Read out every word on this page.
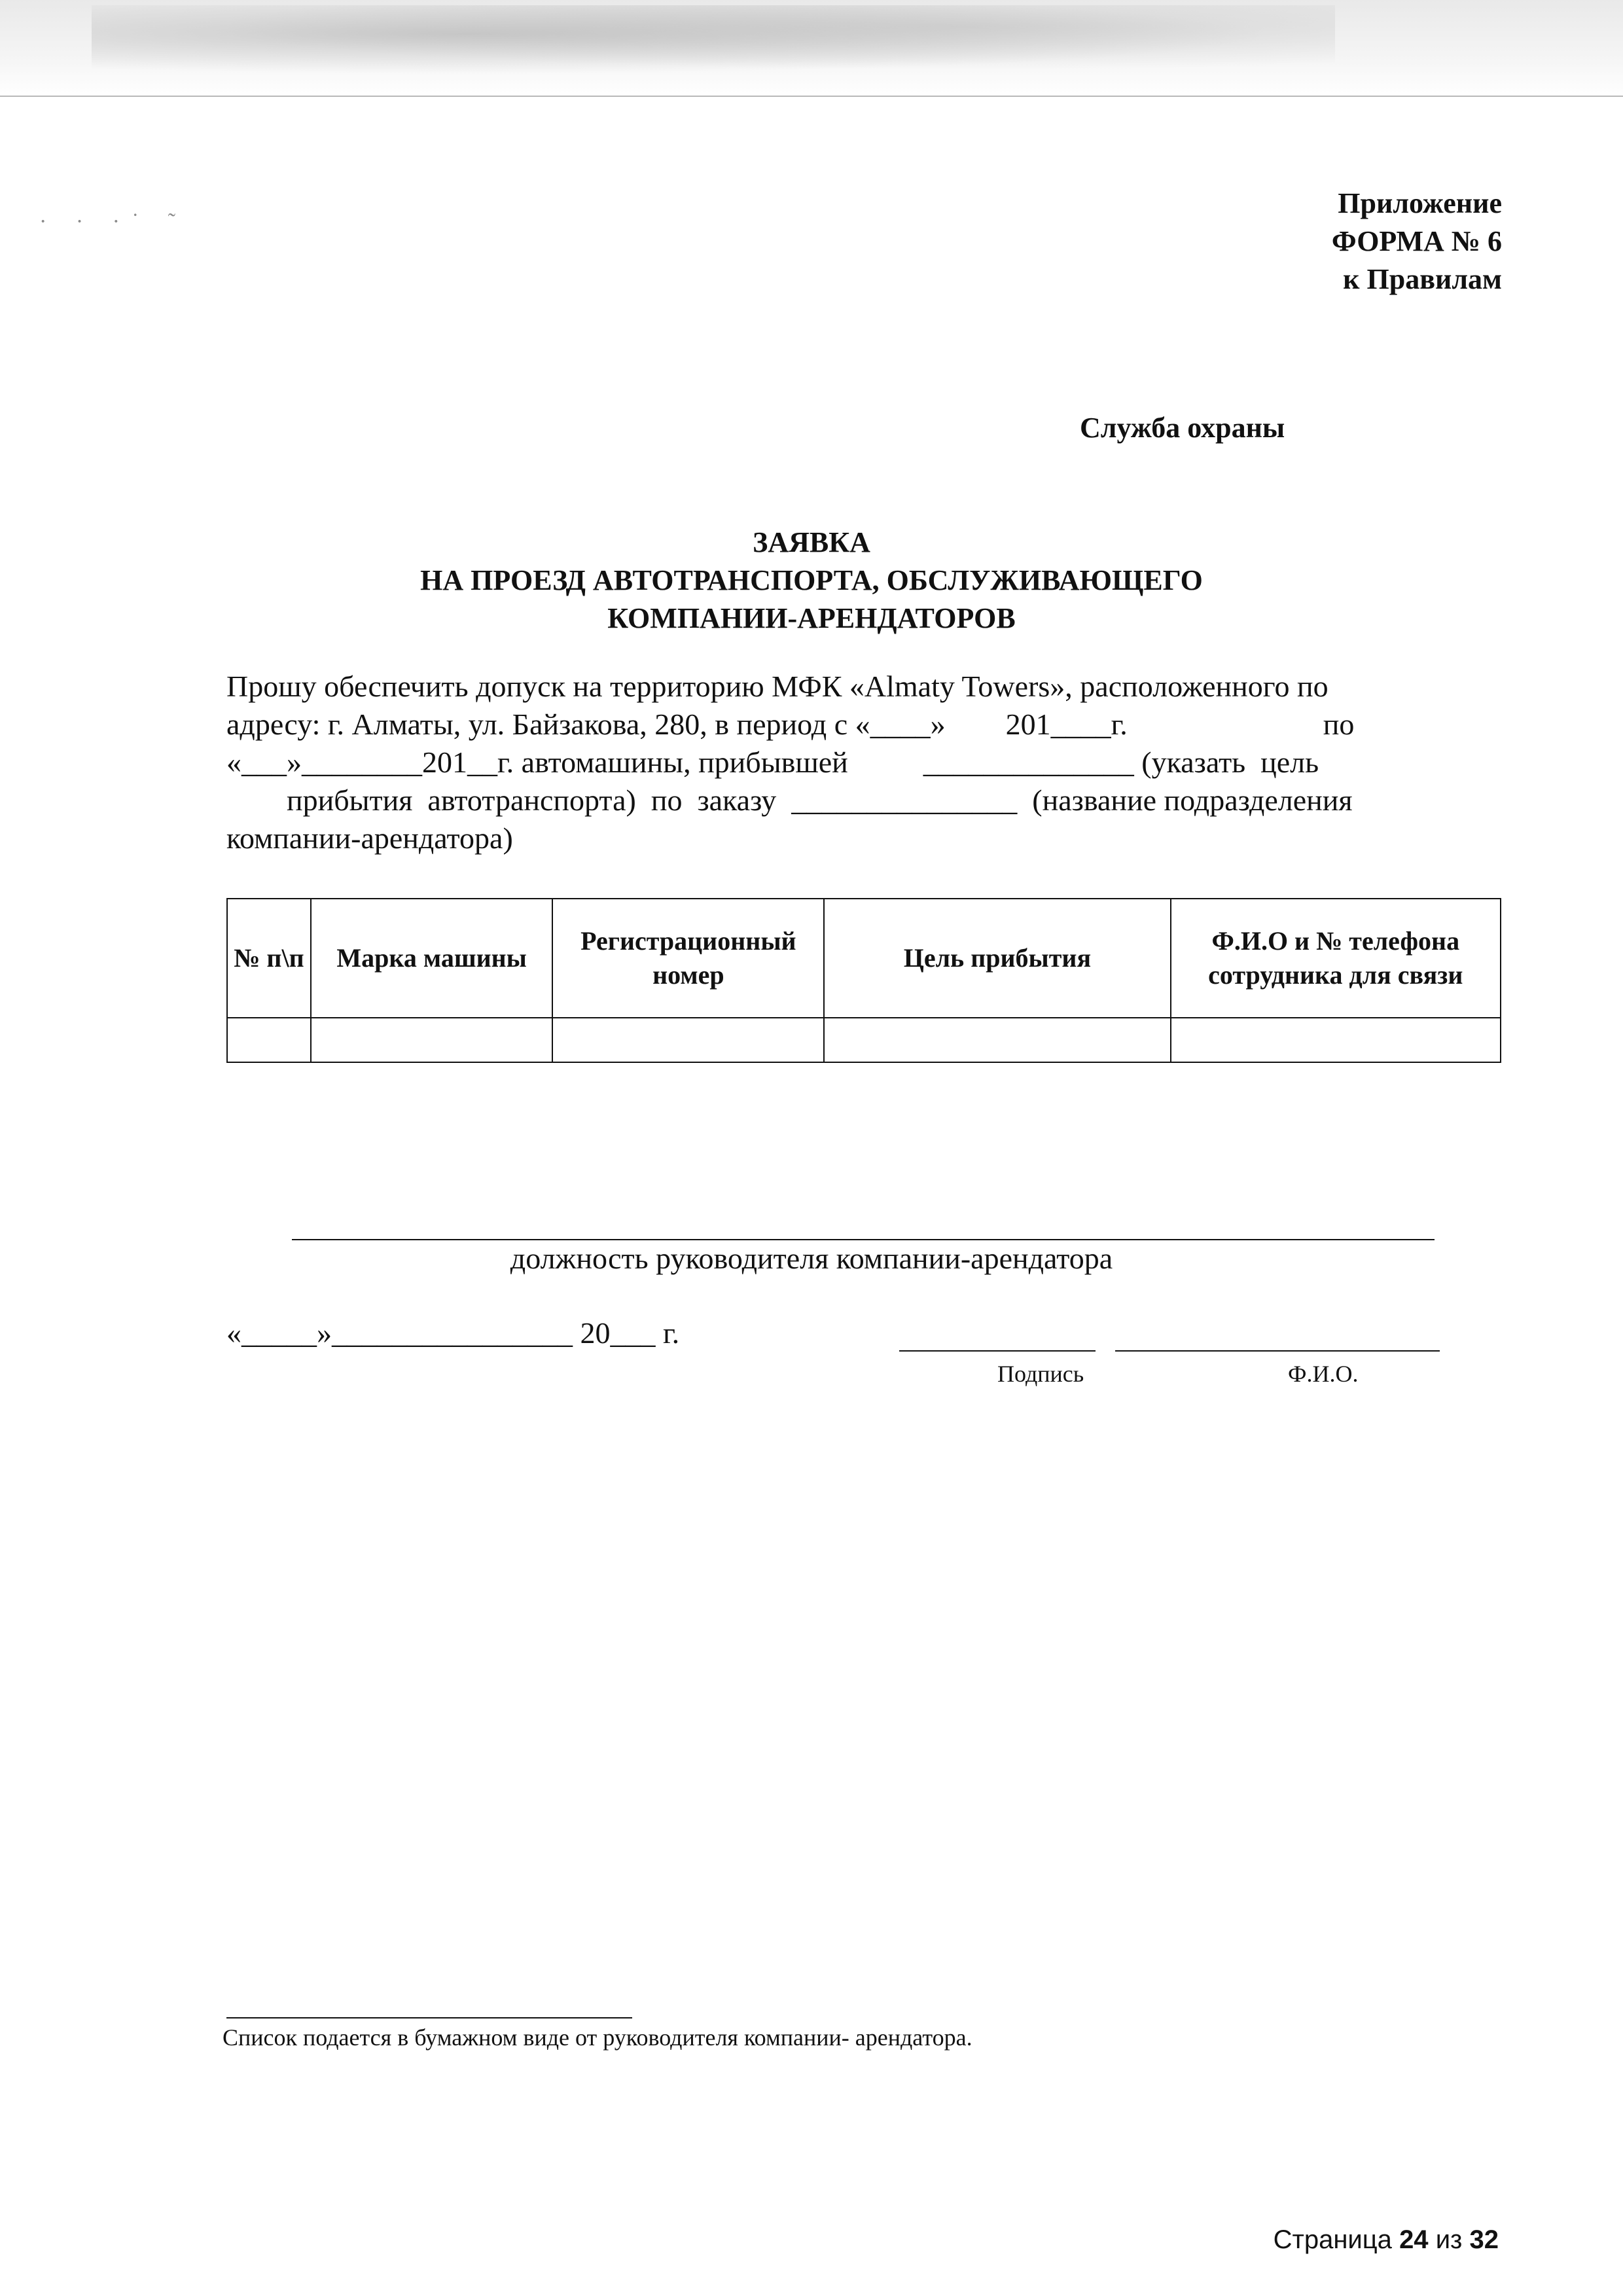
· · ·˙ ˜
Приложение
ФОРМА № 6
к Правилам
Служба охраны
ЗАЯВКА
НА ПРОЕЗД АВТОТРАНСПОРТА, ОБСЛУЖИВАЮЩЕГО
КОМПАНИИ-АРЕНДАТОРОВ
Прошу обеспечить допуск на территорию МФК «Almaty Towers», расположенного по
адресу: г. Алматы, ул. Байзакова, 280, в период с «____»        201____г.                          по
«___»________201__г. автомашины, прибывшей          ______________ (указать  цель
прибытия  автотранспорта)  по  заказу  _______________  (название подразделения
компании-арендатора)
№ п\п	Марка машины	Регистрационный номер	Цель прибытия	Ф.И.О и № телефона сотрудника для связи

должность руководителя компании-арендатора
«_____»________________ 20___ г.
Подпись	Ф.И.О.
Список подается в бумажном виде от руководителя компании- арендатора.
Страница 24 из 32
